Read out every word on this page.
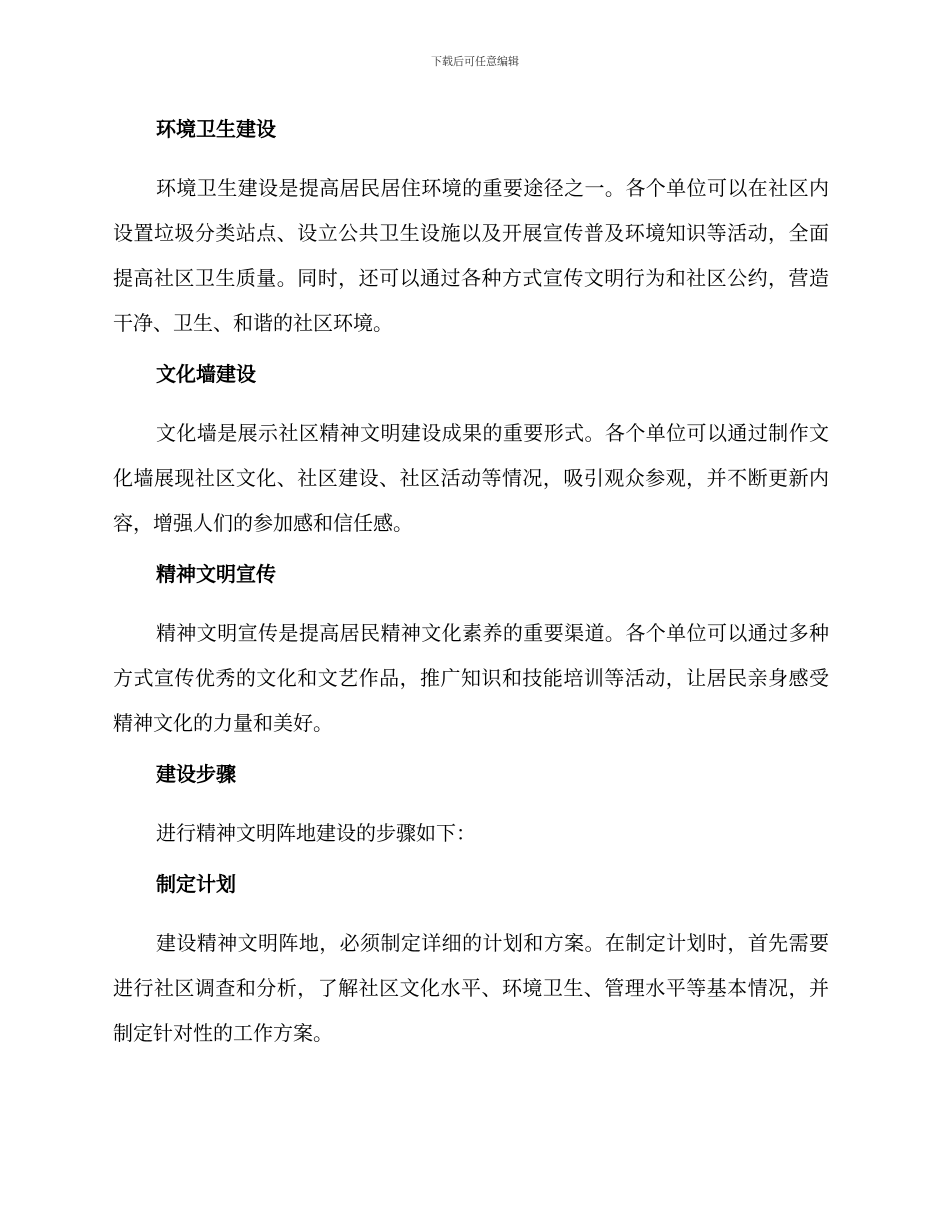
下载后可任意编辑
环境卫生建设

环境卫生建设是提高居民居住环境的重要途径之一。各个单位可以在社区内设置垃圾分类站点、设立公共卫生设施以及开展宣传普及环境知识等活动，全面提高社区卫生质量。同时，还可以通过各种方式宣传文明行为和社区公约，营造干净、卫生、和谐的社区环境。

文化墙建设

文化墙是展示社区精神文明建设成果的重要形式。各个单位可以通过制作文化墙展现社区文化、社区建设、社区活动等情况，吸引观众参观，并不断更新内容，增强人们的参加感和信任感。

精神文明宣传

精神文明宣传是提高居民精神文化素养的重要渠道。各个单位可以通过多种方式宣传优秀的文化和文艺作品，推广知识和技能培训等活动，让居民亲身感受精神文化的力量和美好。

建设步骤

进行精神文明阵地建设的步骤如下：

制定计划

建设精神文明阵地，必须制定详细的计划和方案。在制定计划时，首先需要进行社区调查和分析，了解社区文化水平、环境卫生、管理水平等基本情况，并制定针对性的工作方案。
